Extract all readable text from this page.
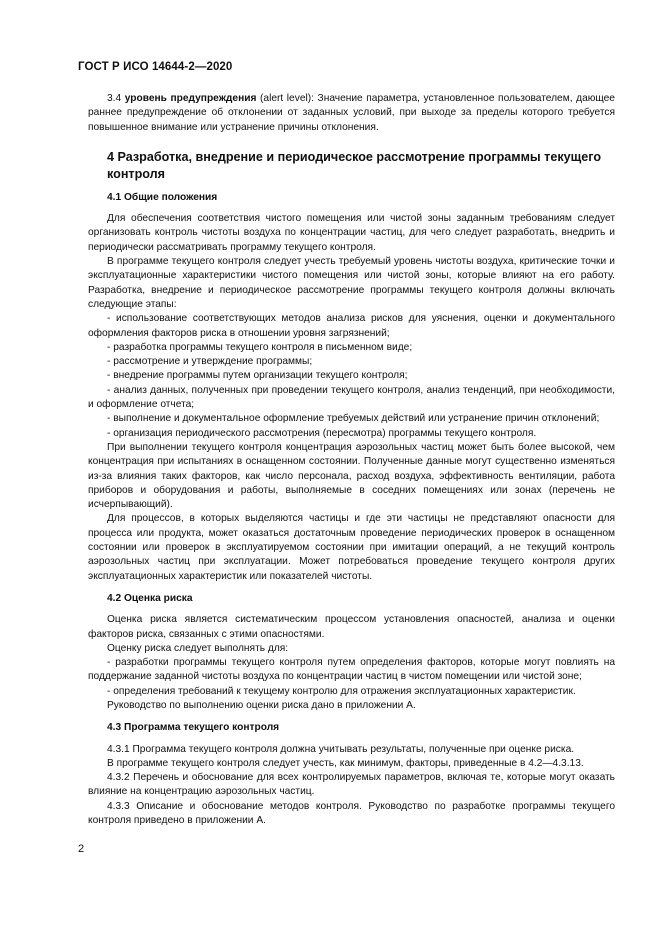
ГОСТ Р ИСО 14644-2—2020

3.4 уровень предупреждения (alert level): Значение параметра, установленное пользователем, дающее раннее предупреждение об отклонении от заданных условий, при выходе за пределы которого требуется повышенное внимание или устранение причины отклонения.

4 Разработка, внедрение и периодическое рассмотрение программы текущего контроля
4.1 Общие положения

Для обеспечения соответствия чистого помещения или чистой зоны заданным требованиям следует организовать контроль чистоты воздуха по концентрации частиц, для чего следует разработать, внедрить и периодически рассматривать программу текущего контроля.

В программе текущего контроля следует учесть требуемый уровень чистоты воздуха, критические точки и эксплуатационные характеристики чистого помещения или чистой зоны, которые влияют на его работу. Разработка, внедрение и периодическое рассмотрение программы текущего контроля должны включать следующие этапы:

- использование соответствующих методов анализа рисков для уяснения, оценки и документального оформления факторов риска в отношении уровня загрязнений;

- разработка программы текущего контроля в письменном виде;

- рассмотрение и утверждение программы;

- внедрение программы путем организации текущего контроля;

- анализ данных, полученных при проведении текущего контроля, анализ тенденций, при необходимости, и оформление отчета;

- выполнение и документальное оформление требуемых действий или устранение причин отклонений;

- организация периодического рассмотрения (пересмотра) программы текущего контроля.

При выполнении текущего контроля концентрация аэрозольных частиц может быть более высокой, чем концентрация при испытаниях в оснащенном состоянии. Полученные данные могут существенно изменяться из-за влияния таких факторов, как число персонала, расход воздуха, эффективность вентиляции, работа приборов и оборудования и работы, выполняемые в соседних помещениях или зонах (перечень не исчерпывающий).

Для процессов, в которых выделяются частицы и где эти частицы не представляют опасности для процесса или продукта, может оказаться достаточным проведение периодических проверок в оснащенном состоянии или проверок в эксплуатируемом состоянии при имитации операций, а не текущий контроль аэрозольных частиц при эксплуатации. Может потребоваться проведение текущего контроля других эксплуатационных характеристик или показателей чистоты.

4.2 Оценка риска

Оценка риска является систематическим процессом установления опасностей, анализа и оценки факторов риска, связанных с этими опасностями.

Оценку риска следует выполнять для:

- разработки программы текущего контроля путем определения факторов, которые могут повлиять на поддержание заданной чистоты воздуха по концентрации частиц в чистом помещении или чистой зоне;

- определения требований к текущему контролю для отражения эксплуатационных характеристик.

Руководство по выполнению оценки риска дано в приложении А.

4.3 Программа текущего контроля

4.3.1 Программа текущего контроля должна учитывать результаты, полученные при оценке риска.

В программе текущего контроля следует учесть, как минимум, факторы, приведенные в 4.2—4.3.13.

4.3.2 Перечень и обоснование для всех контролируемых параметров, включая те, которые могут оказать влияние на концентрацию аэрозольных частиц.

4.3.3 Описание и обоснование методов контроля. Руководство по разработке программы текущего контроля приведено в приложении А.

2
